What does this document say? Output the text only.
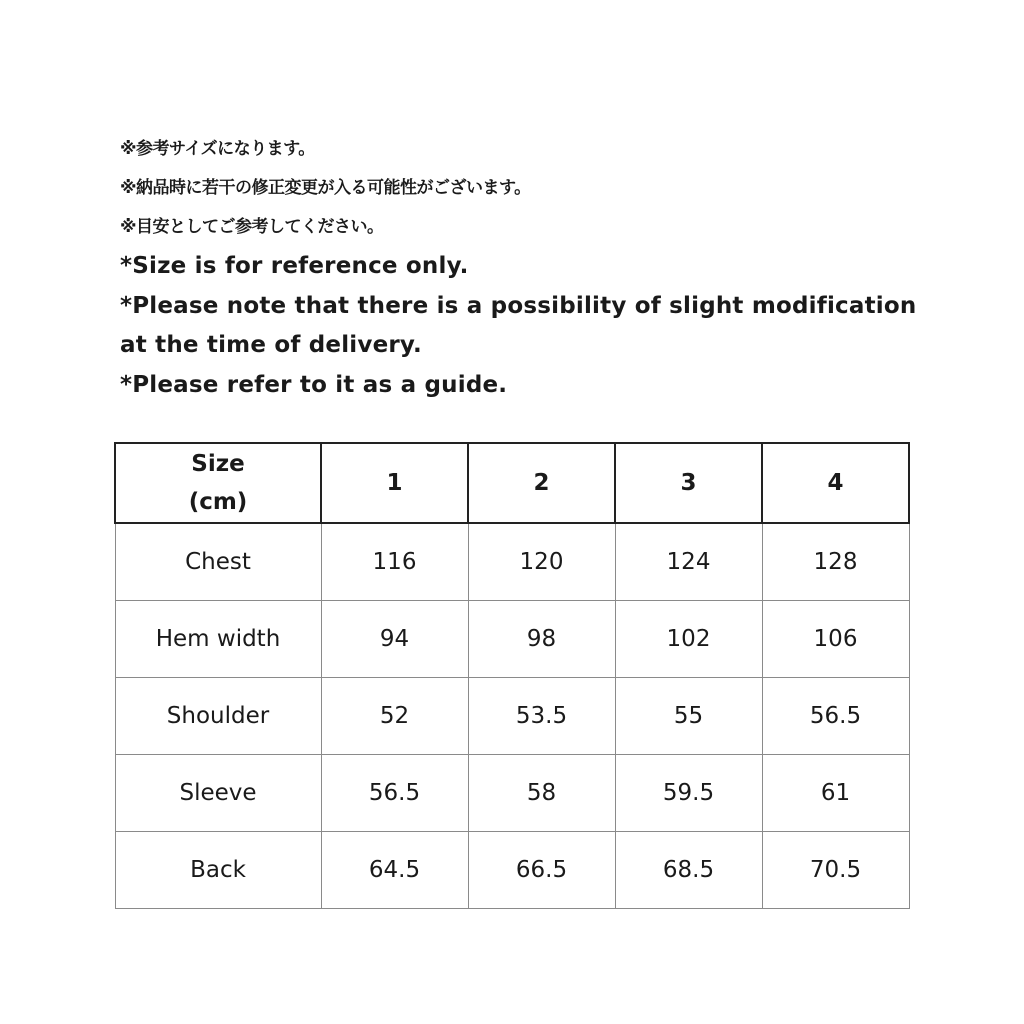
※参考サイズになります。
※納品時に若干の修正変更が入る可能性がございます。
※目安としてご参考してください。
*Size is for reference only.
*Please note that there is a possibility of slight modification
at the time of delivery.
*Please refer to it as a guide.
Size
(cm)	1	2	3	4
Chest	116	120	124	128
Hem width	94	98	102	106
Shoulder	52	53.5	55	56.5
Sleeve	56.5	58	59.5	61
Back	64.5	66.5	68.5	70.5
